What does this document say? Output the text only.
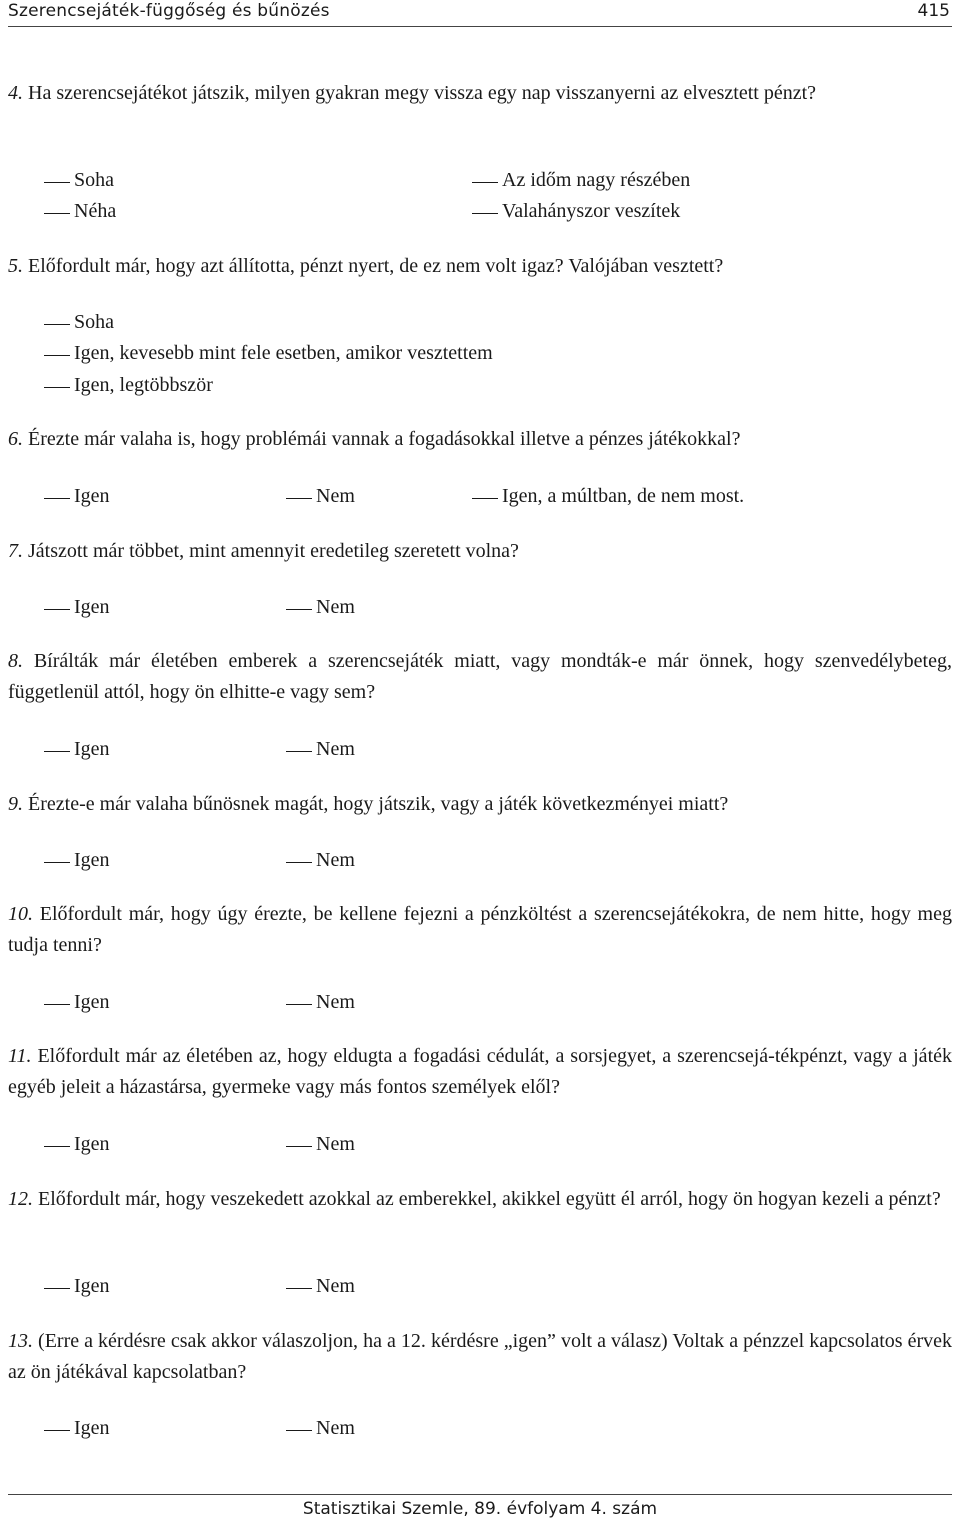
Szerencsejáték-függőség és bűnözés	415
4. Ha szerencsejátékot játszik, milyen gyakran megy vissza egy nap visszanyerni az elvesztett pénzt?
Soha	Az időm nagy részében
Néha	Valahányszor veszítek
5. Előfordult már, hogy azt állította, pénzt nyert, de ez nem volt igaz? Valójában vesztett?
Soha
Igen, kevesebb mint fele esetben, amikor vesztettem
Igen, legtöbbször
6. Érezte már valaha is, hogy problémái vannak a fogadásokkal illetve a pénzes játékokkal?
Igen	Nem	Igen, a múltban, de nem most.
7. Játszott már többet, mint amennyit eredetileg szeretett volna?
Igen	Nem
8. Bírálták már életében emberek a szerencsejáték miatt, vagy mondták-e már önnek, hogy szenvedélybeteg, függetlenül attól, hogy ön elhitte-e vagy sem?
Igen	Nem
9. Érezte-e már valaha bűnösnek magát, hogy játszik, vagy a játék következményei miatt?
Igen	Nem
10. Előfordult már, hogy úgy érezte, be kellene fejezni a pénzköltést a szerencsejátékokra, de nem hitte, hogy meg tudja tenni?
Igen	Nem
11. Előfordult már az életében az, hogy eldugta a fogadási cédulát, a sorsjegyet, a szerencsejá-tékpénzt, vagy a játék egyéb jeleit a házastársa, gyermeke vagy más fontos személyek elől?
Igen	Nem
12. Előfordult már, hogy veszekedett azokkal az emberekkel, akikkel együtt él arról, hogy ön hogyan kezeli a pénzt?
Igen	Nem
13. (Erre a kérdésre csak akkor válaszoljon, ha a 12. kérdésre „igen” volt a válasz) Voltak a pénzzel kapcsolatos érvek az ön játékával kapcsolatban?
Igen	Nem
Statisztikai Szemle, 89. évfolyam 4. szám
